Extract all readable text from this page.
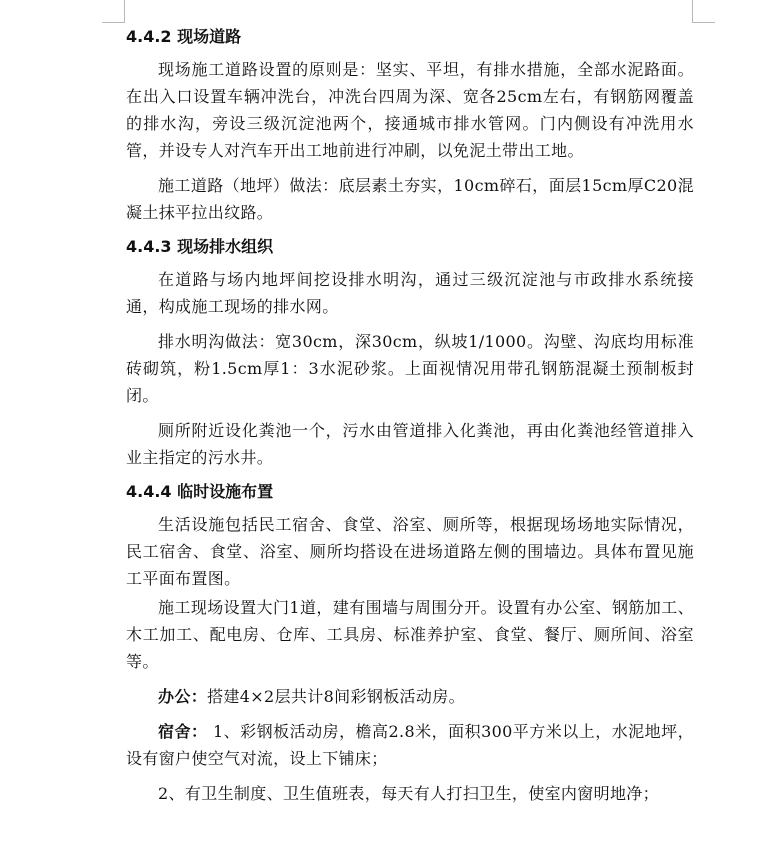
4.4.2 现场道路

现场施工道路设置的原则是：坚实、平坦，有排水措施，全部水泥路面。在出入口设置车辆冲洗台，冲洗台四周为深、宽各25cm左右，有钢筋网覆盖的排水沟，旁设三级沉淀池两个，接通城市排水管网。门内侧设有冲洗用水管，并设专人对汽车开出工地前进行冲刷，以免泥土带出工地。

施工道路（地坪）做法：底层素土夯实，10cm碎石，面层15cm厚C20混凝土抹平拉出纹路。

4.4.3 现场排水组织

在道路与场内地坪间挖设排水明沟，通过三级沉淀池与市政排水系统接通，构成施工现场的排水网。

排水明沟做法：宽30cm，深30cm，纵坡1/1000。沟壁、沟底均用标准砖砌筑，粉1.5cm厚1：3水泥砂浆。上面视情况用带孔钢筋混凝土预制板封闭。

厕所附近设化粪池一个，污水由管道排入化粪池，再由化粪池经管道排入业主指定的污水井。

4.4.4 临时设施布置

生活设施包括民工宿舍、食堂、浴室、厕所等，根据现场场地实际情况，民工宿舍、食堂、浴室、厕所均搭设在进场道路左侧的围墙边。具体布置见施工平面布置图。

施工现场设置大门1道，建有围墙与周围分开。设置有办公室、钢筋加工、木工加工、配电房、仓库、工具房、标准养护室、食堂、餐厅、厕所间、浴室等。

办公：搭建4×2层共计8间彩钢板活动房。

宿舍： 1、彩钢板活动房，檐高2.8米，面积300平方米以上，水泥地坪，设有窗户使空气对流，设上下铺床；

2、有卫生制度、卫生值班表，每天有人打扫卫生，使室内窗明地净；
